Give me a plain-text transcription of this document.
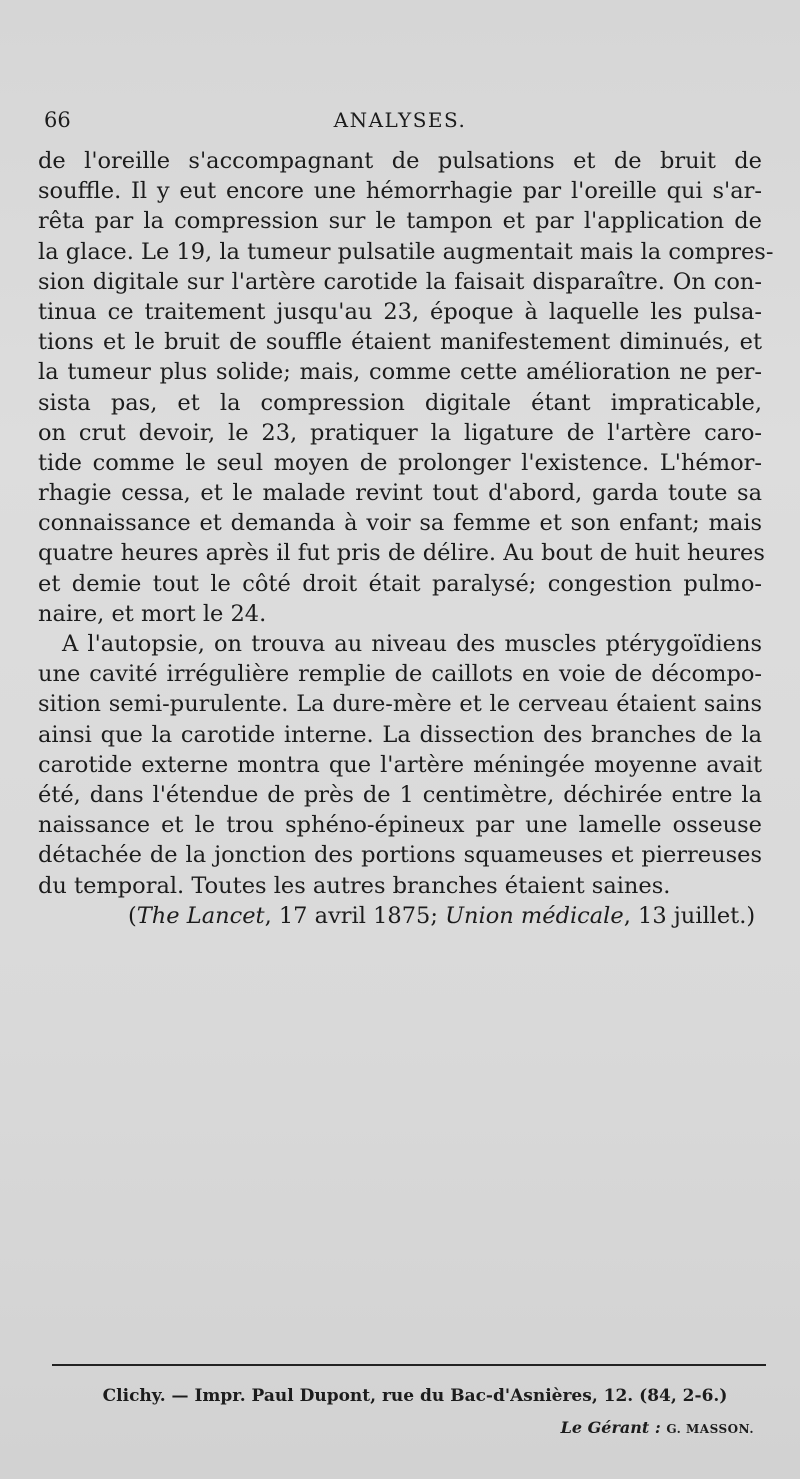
66	ANALYSES.
de l'oreille s'accompagnant de pulsations et de bruit de
souffle. Il y eut encore une hémorrhagie par l'oreille qui s'ar-
rêta par la compression sur le tampon et par l'application de
la glace. Le 19, la tumeur pulsatile augmentait mais la compres-
sion digitale sur l'artère carotide la faisait disparaître. On con-
tinua ce traitement jusqu'au 23, époque à laquelle les pulsa-
tions et le bruit de souffle étaient manifestement diminués, et
la tumeur plus solide; mais, comme cette amélioration ne per-
sista pas, et la compression digitale étant impraticable,
on crut devoir, le 23, pratiquer la ligature de l'artère caro-
tide comme le seul moyen de prolonger l'existence. L'hémor-
rhagie cessa, et le malade revint tout d'abord, garda toute sa
connaissance et demanda à voir sa femme et son enfant; mais
quatre heures après il fut pris de délire. Au bout de huit heures
et demie tout le côté droit était paralysé; congestion pulmo-
naire, et mort le 24.
A l'autopsie, on trouva au niveau des muscles ptérygoïdiens
une cavité irrégulière remplie de caillots en voie de décompo-
sition semi-purulente. La dure-mère et le cerveau étaient sains
ainsi que la carotide interne. La dissection des branches de la
carotide externe montra que l'artère méningée moyenne avait
été, dans l'étendue de près de 1 centimètre, déchirée entre la
naissance et le trou sphéno-épineux par une lamelle osseuse
détachée de la jonction des portions squameuses et pierreuses
du temporal. Toutes les autres branches étaient saines.
(The Lancet, 17 avril 1875; Union médicale, 13 juillet.)
Clichy. — Impr. Paul Dupont, rue du Bac-d'Asnières, 12. (84, 2-6.)
Le Gérant : G. MASSON.
